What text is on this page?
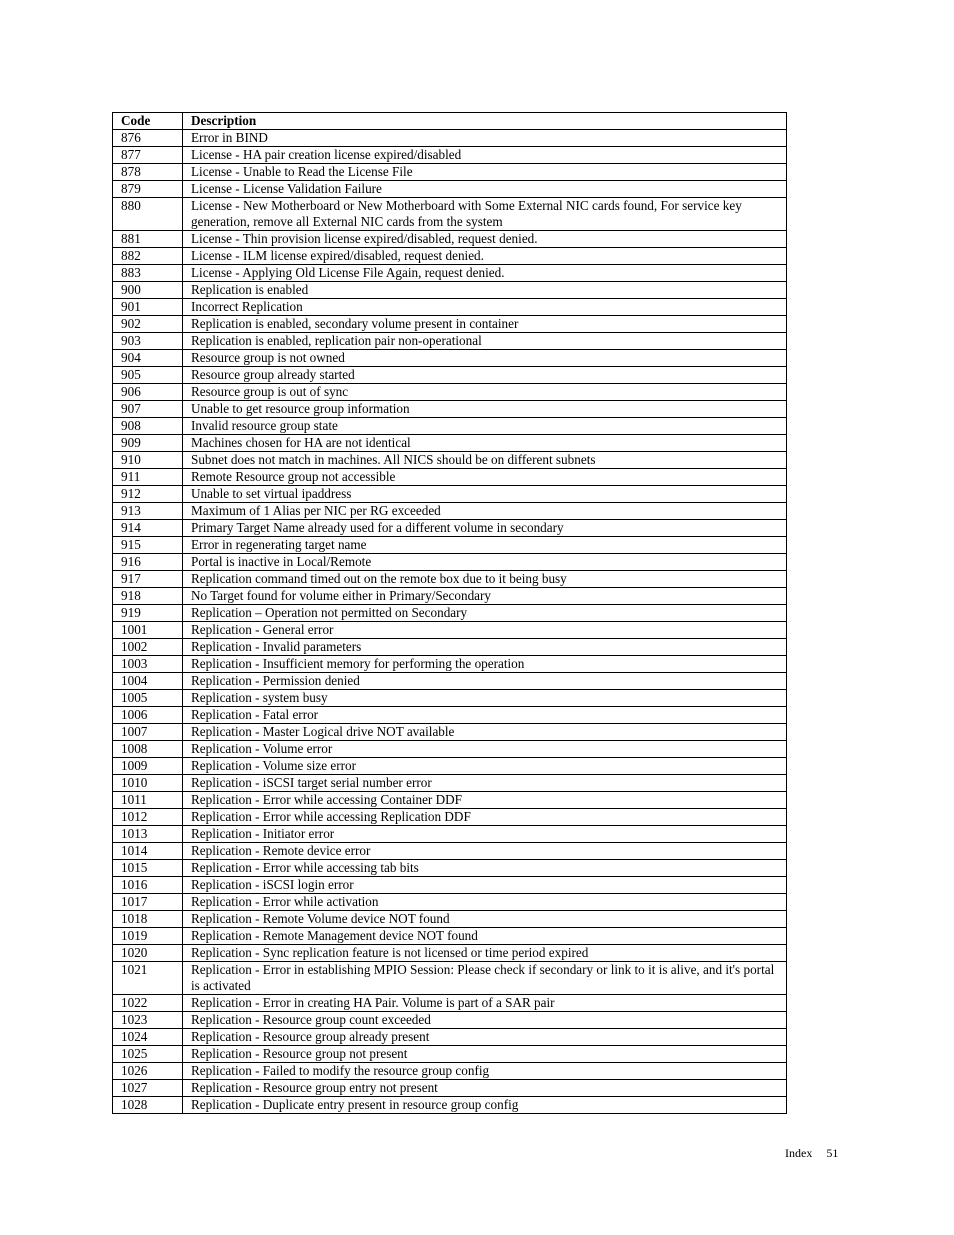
Code	Description
876	Error in BIND
877	License - HA pair creation license expired/disabled
878	License - Unable to Read the License File
879	License - License Validation Failure
880	License - New Motherboard or New Motherboard with Some External NIC cards found, For service key generation, remove all External NIC cards from the system
881	License - Thin provision license expired/disabled, request denied.
882	License - ILM license expired/disabled, request denied.
883	License - Applying Old License File Again, request denied.
900	Replication is enabled
901	Incorrect Replication
902	Replication is enabled, secondary volume present in container
903	Replication is enabled, replication pair non-operational
904	Resource group is not owned
905	Resource group already started
906	Resource group is out of sync
907	Unable to get resource group information
908	Invalid resource group state
909	Machines chosen for HA are not identical
910	Subnet does not match in machines. All NICS should be on different subnets
911	Remote Resource group not accessible
912	Unable to set virtual ipaddress
913	Maximum of 1 Alias per NIC per RG exceeded
914	Primary Target Name already used for a different volume in secondary
915	Error in regenerating target name
916	Portal is inactive in Local/Remote
917	Replication command timed out on the remote box due to it being busy
918	No Target found for volume either in Primary/Secondary
919	Replication – Operation not permitted on Secondary
1001	Replication - General error
1002	Replication - Invalid parameters
1003	Replication - Insufficient memory for performing the operation
1004	Replication - Permission denied
1005	Replication - system busy
1006	Replication - Fatal error
1007	Replication - Master Logical drive NOT available
1008	Replication - Volume error
1009	Replication - Volume size error
1010	Replication - iSCSI target serial number error
1011	Replication - Error while accessing Container DDF
1012	Replication - Error while accessing Replication DDF
1013	Replication - Initiator error
1014	Replication - Remote device error
1015	Replication - Error while accessing tab bits
1016	Replication - iSCSI login error
1017	Replication - Error while activation
1018	Replication - Remote Volume device NOT found
1019	Replication - Remote Management device NOT found
1020	Replication - Sync replication feature is not licensed or time period expired
1021	Replication - Error in establishing MPIO Session: Please check if secondary or link to it is alive, and it's portal is activated
1022	Replication - Error in creating HA Pair. Volume is part of a SAR pair
1023	Replication - Resource group count exceeded
1024	Replication - Resource group already present
1025	Replication - Resource group not present
1026	Replication - Failed to modify the resource group config
1027	Replication - Resource group entry not present
1028	Replication - Duplicate entry present in resource group config
Index 51
